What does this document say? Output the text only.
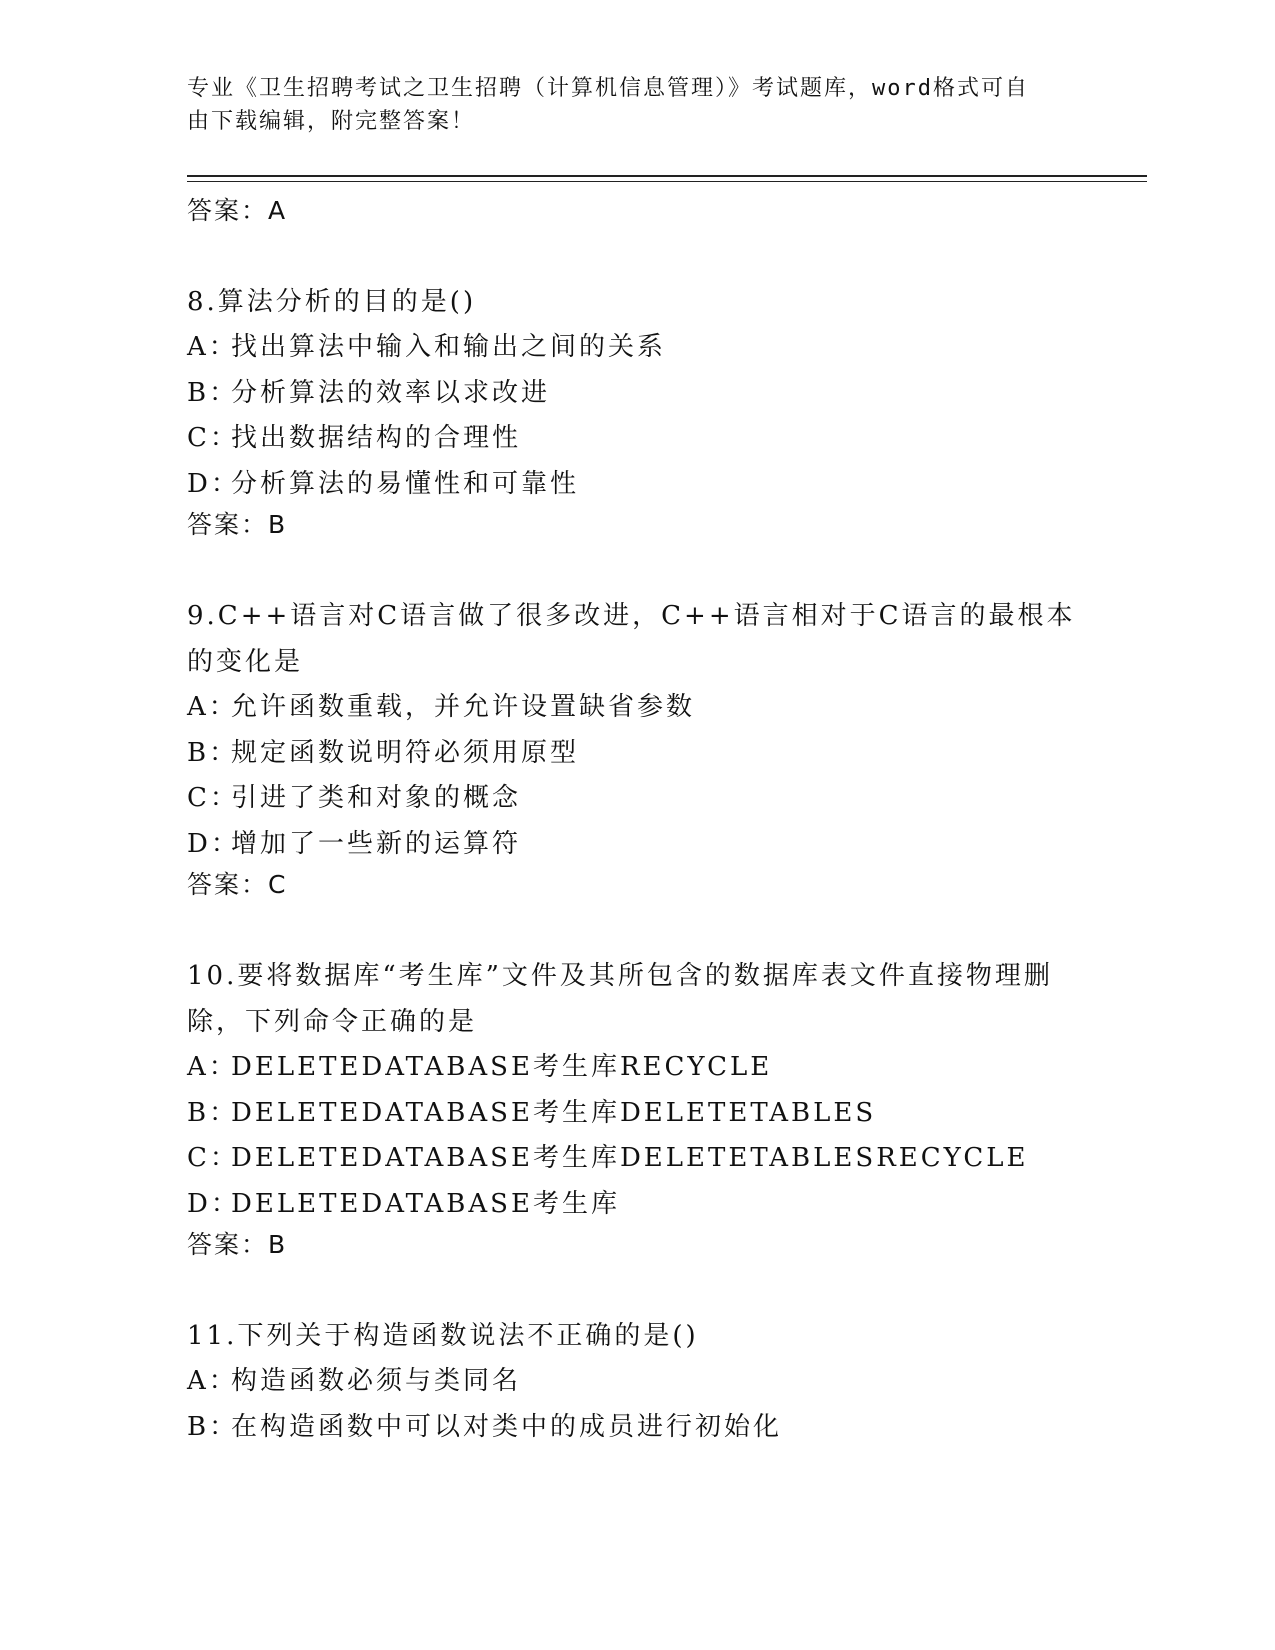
专业《卫生招聘考试之卫生招聘（计算机信息管理）》考试题库，word格式可自
由下载编辑，附完整答案！
答案：A

8.算法分析的目的是()

A：找出算法中输入和输出之间的关系
B：分析算法的效率以求改进
C：找出数据结构的合理性
D：分析算法的易懂性和可靠性
答案：B

9.C++语言对C语言做了很多改进，C++语言相对于C语言的最根本的变化是

A：允许函数重载，并允许设置缺省参数
B：规定函数说明符必须用原型
C：引进了类和对象的概念
D：增加了一些新的运算符
答案：C

10.要将数据库“考生库”文件及其所包含的数据库表文件直接物理删除，下列命令正确的是

A：DELETEDATABASE考生库RECYCLE
B：DELETEDATABASE考生库DELETETABLES
C：DELETEDATABASE考生库DELETETABLESRECYCLE
D：DELETEDATABASE考生库
答案：B

11.下列关于构造函数说法不正确的是()

A：构造函数必须与类同名
B：在构造函数中可以对类中的成员进行初始化
